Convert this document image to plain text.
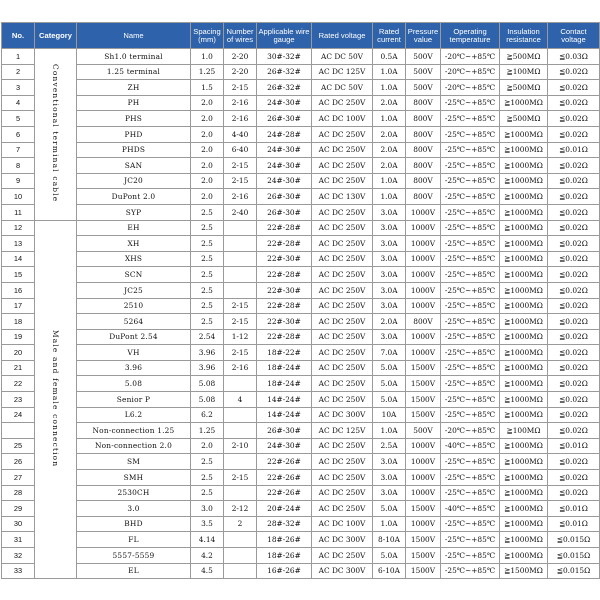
No.	Category	Name	Spacing (mm)	Number of wires	Applicable wire gauge	Rated voltage	Rated current	Pressure value	Operating temperature	Insulation resistance	Contact voltage
1	Conventional terminal cable	Sh1.0 terminal	1.0	2-20	30#-32#	AC DC 50V	0.5A	500V	-20℃~+85℃	≧500MΩ	≦0.03Ω
2		1.25 terminal	1.25	2-20	26#-32#	AC DC 125V	1.0A	500V	-20℃~+85℃	≧100MΩ	≦0.02Ω
3		ZH	1.5	2-15	26#-32#	AC DC 50V	1.0A	500V	-20℃~+85℃	≧500MΩ	≦0.02Ω
4		PH	2.0	2-16	24#-30#	AC DC 250V	2.0A	800V	-25℃~+85℃	≧1000MΩ	≦0.02Ω
5		PHS	2.0	2-16	26#-30#	AC DC 100V	1.0A	800V	-25℃~+85℃	≧500MΩ	≦0.02Ω
6		PHD	2.0	4-40	24#-28#	AC DC 250V	2.0A	800V	-25℃~+85℃	≧1000MΩ	≦0.02Ω
7		PHDS	2.0	6-40	24#-30#	AC DC 250V	2.0A	800V	-25℃~+85℃	≧1000MΩ	≦0.01Ω
8		SAN	2.0	2-15	24#-30#	AC DC 250V	2.0A	800V	-25℃~+85℃	≧1000MΩ	≦0.02Ω
9		JC20	2.0	2-15	24#-30#	AC DC 250V	1.0A	800V	-25℃~+85℃	≧1000MΩ	≦0.02Ω
10		DuPont 2.0	2.0	2-16	26#-30#	AC DC 130V	1.0A	800V	-25℃~+85℃	≧1000MΩ	≦0.02Ω
11		SYP	2.5	2-40	26#-30#	AC DC 250V	3.0A	1000V	-25℃~+85℃	≧1000MΩ	≦0.02Ω
12	Male and female connection	EH	2.5		22#-28#	AC DC 250V	3.0A	1000V	-25℃~+85℃	≧1000MΩ	≦0.02Ω
13		XH	2.5		22#-28#	AC DC 250V	3.0A	1000V	-25℃~+85℃	≧1000MΩ	≦0.02Ω
14		XHS	2.5		22#-30#	AC DC 250V	3.0A	1000V	-25℃~+85℃	≧1000MΩ	≦0.02Ω
15		SCN	2.5		22#-28#	AC DC 250V	3.0A	1000V	-25℃~+85℃	≧1000MΩ	≦0.02Ω
16		JC25	2.5		22#-30#	AC DC 250V	3.0A	1000V	-25℃~+85℃	≧1000MΩ	≦0.02Ω
17		2510	2.5	2-15	22#-28#	AC DC 250V	3.0A	1000V	-25℃~+85℃	≧1000MΩ	≦0.02Ω
18		5264	2.5	2-15	22#-30#	AC DC 250V	2.0A	800V	-25℃~+85℃	≧1000MΩ	≦0.02Ω
19		DuPont 2.54	2.54	1-12	22#-28#	AC DC 250V	3.0A	1000V	-25℃~+85℃	≧1000MΩ	≦0.02Ω
20		VH	3.96	2-15	18#-22#	AC DC 250V	7.0A	1000V	-25℃~+85℃	≧1000MΩ	≦0.02Ω
21		3.96	3.96	2-16	18#-24#	AC DC 250V	5.0A	1500V	-25℃~+85℃	≧1000MΩ	≦0.02Ω
22		5.08	5.08		18#-24#	AC DC 250V	5.0A	1500V	-25℃~+85℃	≧1000MΩ	≦0.02Ω
23		Senior P	5.08	4	14#-24#	AC DC 250V	5.0A	1500V	-25℃~+85℃	≧1000MΩ	≦0.02Ω
24		L6.2	6.2		14#-24#	AC DC 300V	10A	1500V	-25℃~+85℃	≧1000MΩ	≦0.02Ω
		Non-connection 1.25	1.25		26#-30#	AC DC 125V	1.0A	500V	-20℃~+85℃	≧100MΩ	≦0.02Ω
25		Non-connection 2.0	2.0	2-10	24#-30#	AC DC 250V	2.5A	1000V	-40℃~+85℃	≧1000MΩ	≦0.01Ω
26		SM	2.5		22#-26#	AC DC 250V	3.0A	1000V	-25℃~+85℃	≧1000MΩ	≦0.02Ω
27		SMH	2.5	2-15	22#-26#	AC DC 250V	3.0A	1000V	-25℃~+85℃	≧1000MΩ	≦0.02Ω
28		2530CH	2.5		22#-26#	AC DC 250V	3.0A	1000V	-25℃~+85℃	≧1000MΩ	≦0.02Ω
29		3.0	3.0	2-12	20#-24#	AC DC 250V	5.0A	1500V	-40℃~+85℃	≧1000MΩ	≦0.01Ω
30		BHD	3.5	2	28#-32#	AC DC 100V	1.0A	1000V	-25℃~+85℃	≧1000MΩ	≦0.01Ω
31		FL	4.14		18#-26#	AC DC 300V	8-10A	1500V	-25℃~+85℃	≧1000MΩ	≦0.015Ω
32		5557-5559	4.2		18#-26#	AC DC 250V	5.0A	1500V	-25℃~+85℃	≧1000MΩ	≦0.015Ω
33		EL	4.5		16#-26#	AC DC 300V	6-10A	1500V	-25℃~+85℃	≧1500MΩ	≦0.015Ω
